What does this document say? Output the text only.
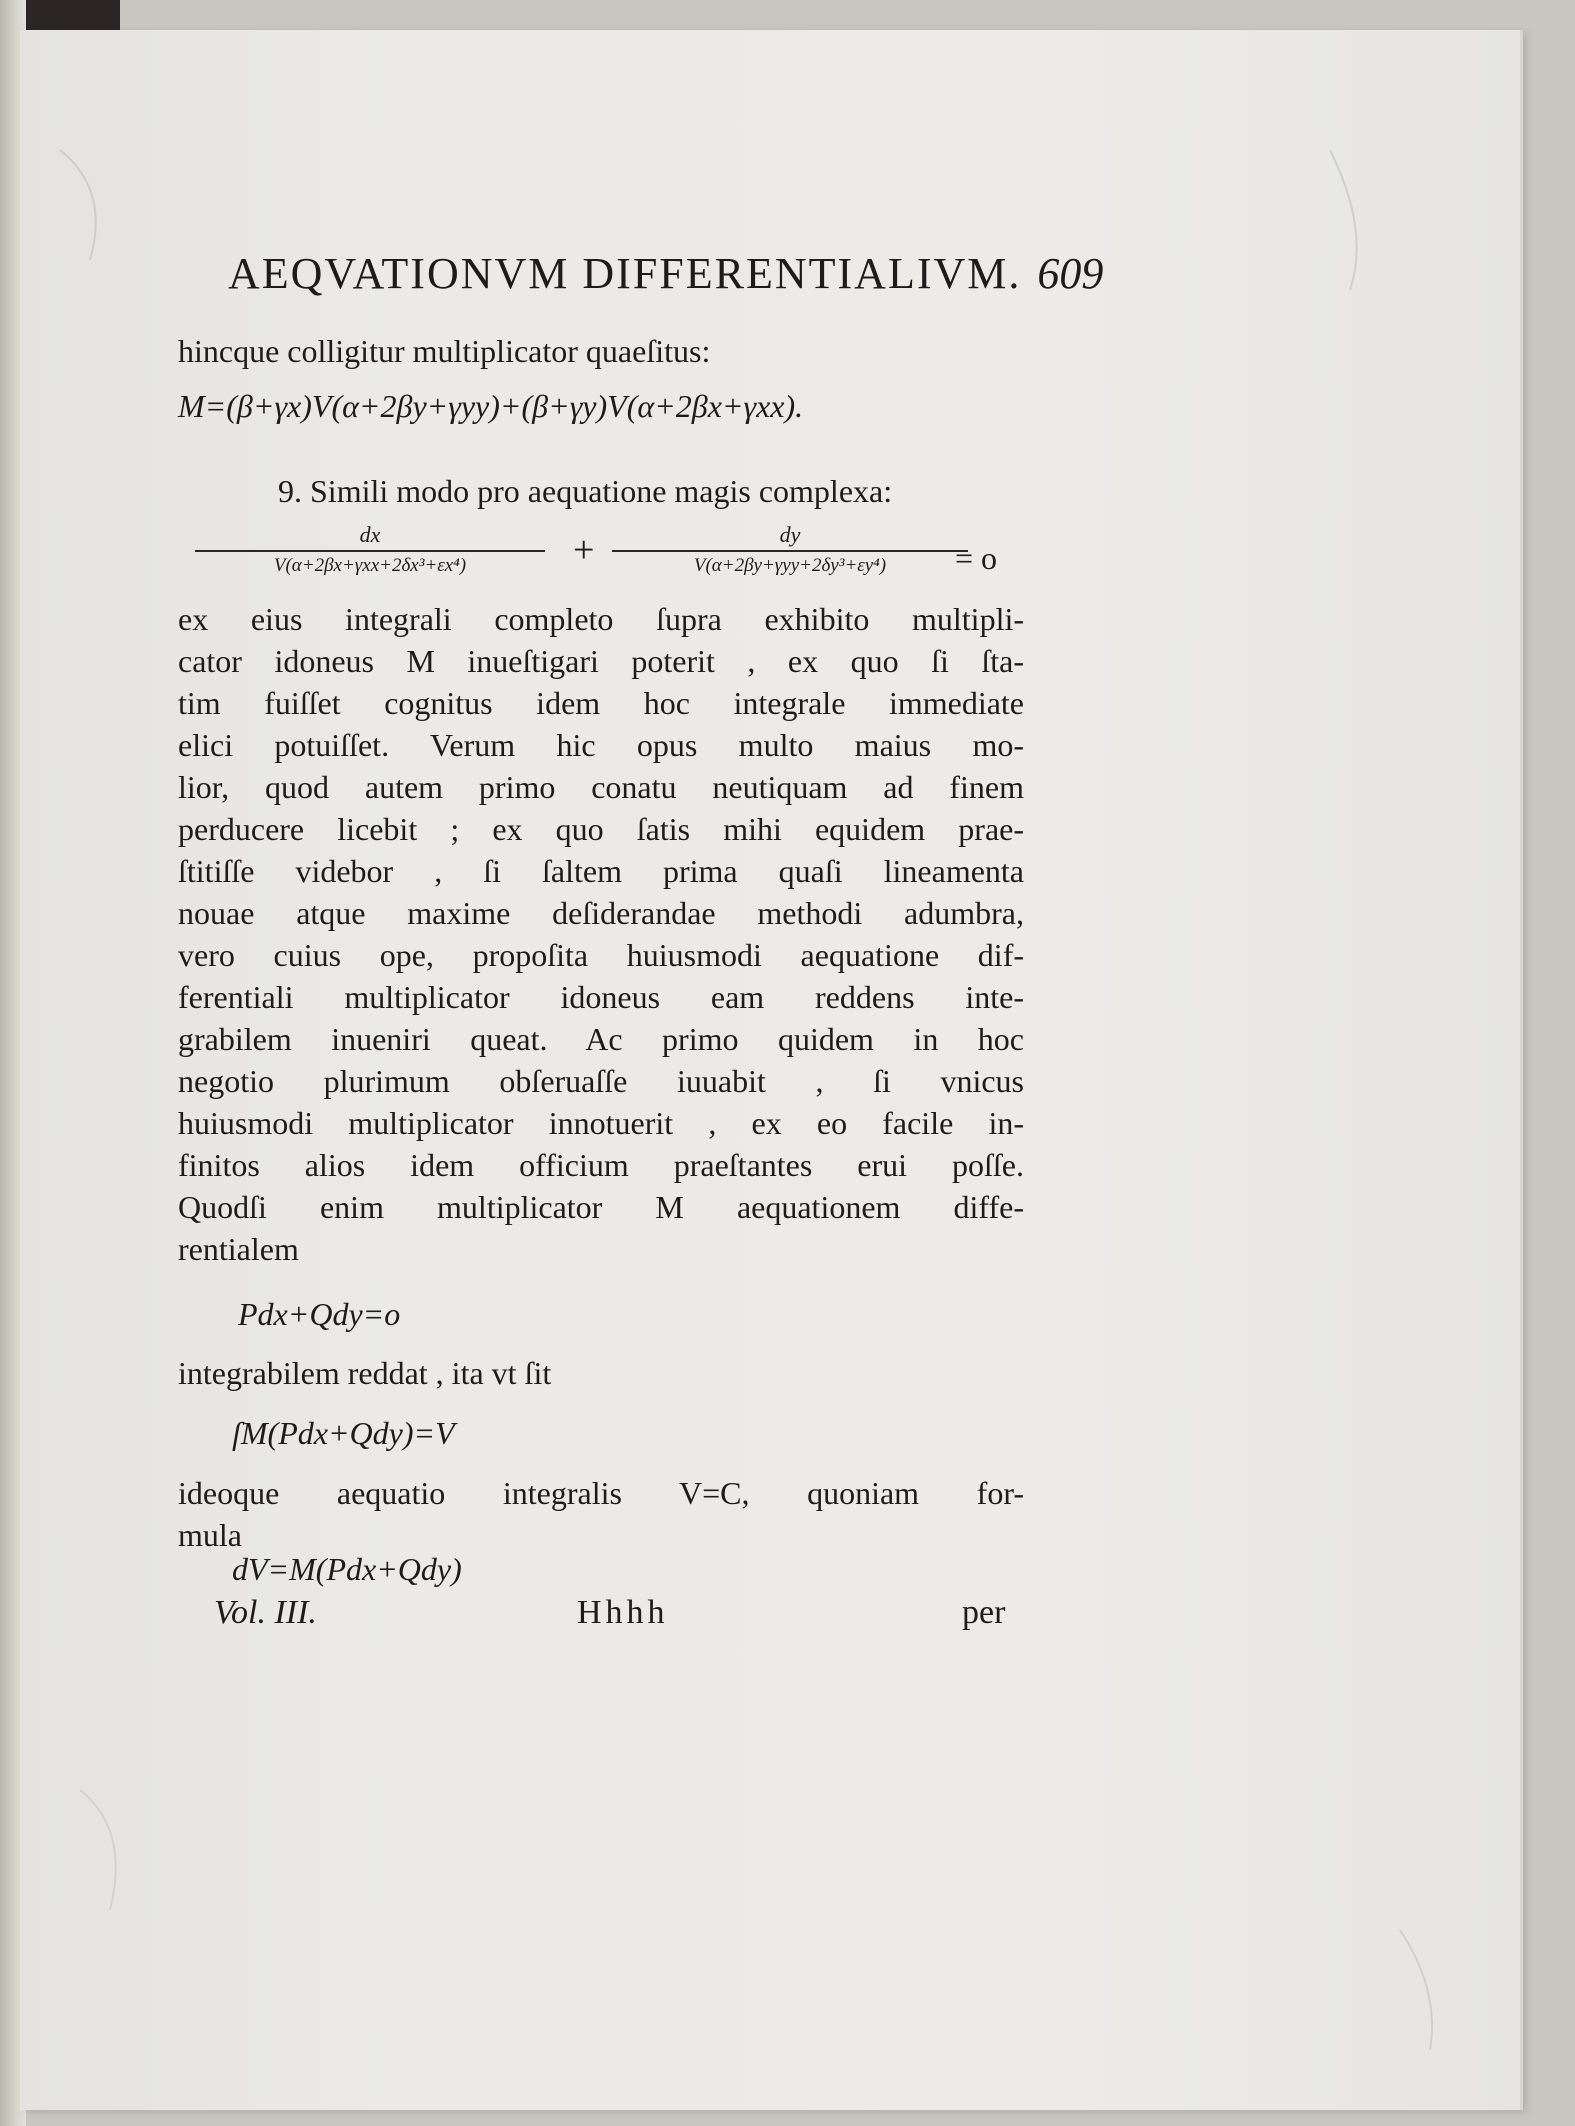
AEQVATIONVM DIFFERENTIALIVM. 609
hincque colligitur multiplicator quaeſitus:
M=(β+γx)V(α+2βy+γyy)+(β+γy)V(α+2βx+γxx).
9. Simili modo pro aequatione magis complexa:
dx
V(α+2βx+γxx+2δx³+εx⁴)	+	dy
V(α+2βy+γyy+2δy³+εy⁴)	= o
ex eius integrali completo ſupra exhibito multipli-
cator idoneus M inueſtigari poterit , ex quo ſi ſta-
tim fuiſſet cognitus idem hoc integrale immediate
elici potuiſſet. Verum hic opus multo maius mo-
lior, quod autem primo conatu neutiquam ad finem
perducere licebit ; ex quo ſatis mihi equidem prae-
ſtitiſſe videbor , ſi ſaltem prima quaſi lineamenta
nouae atque maxime deſiderandae methodi adumbra,
vero cuius ope, propoſita huiusmodi aequatione dif-
ferentiali multiplicator idoneus eam reddens inte-
grabilem inueniri queat. Ac primo quidem in hoc
negotio plurimum obſeruaſſe iuuabit , ſi vnicus
huiusmodi multiplicator innotuerit , ex eo facile in-
finitos alios idem officium praeſtantes erui poſſe.
Quodſi enim multiplicator M aequationem diffe-
rentialem
Pdx+Qdy=o
integrabilem reddat , ita vt ſit
ſM(Pdx+Qdy)=V
ideoque aequatio integralis V=C, quoniam for-
mula
dV=M(Pdx+Qdy)
Vol. III.	Hhhh	per
